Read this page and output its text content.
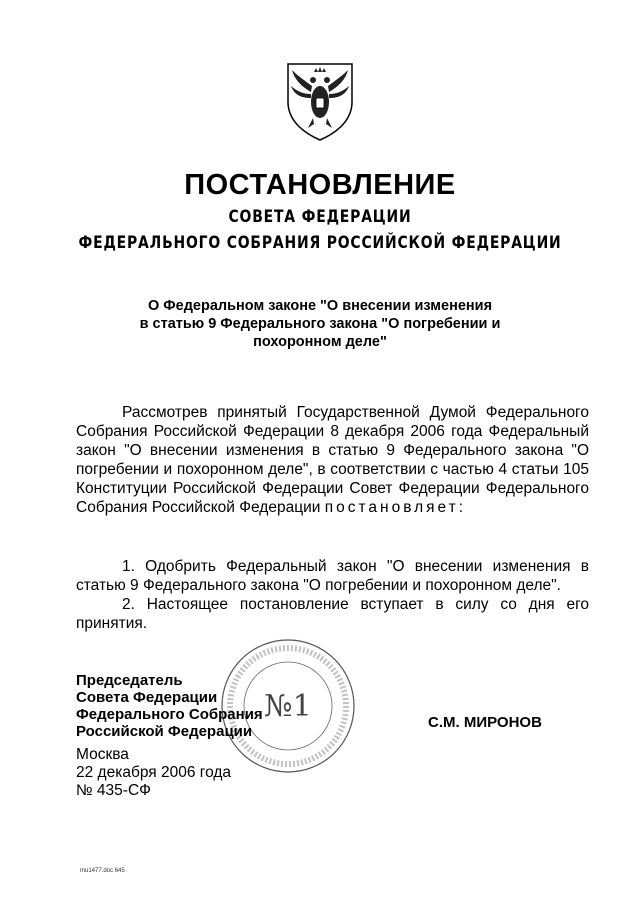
ПОСТАНОВЛЕНИЕ
СОВЕТА ФЕДЕРАЦИИ
ФЕДЕРАЛЬНОГО СОБРАНИЯ РОССИЙСКОЙ ФЕДЕРАЦИИ
О Федеральном законе "О внесении изменения
в статью 9 Федерального закона "О погребении и
похоронном деле"
Рассмотрев принятый Государственной Думой Федерального Собрания Российской Федерации 8 декабря 2006 года Федеральный закон "О внесении изменения в статью 9 Федерального закона "О погребении и похоронном деле", в соответствии с частью 4 статьи 105 Конституции Российской Федерации Совет Федерации Федерального Собрания Российской Федерации постановляет:

1. Одобрить Федеральный закон "О внесении изменения в статью 9 Федерального закона "О погребении и похоронном деле".

2. Настоящее постановление вступает в силу со дня его принятия.

№1
Председатель
Совета Федерации
Федерального Собрания
Российской Федерации
С.М. МИРОНОВ
Москва
22 декабря 2006 года
№ 435-СФ
mu1477.doc 645
